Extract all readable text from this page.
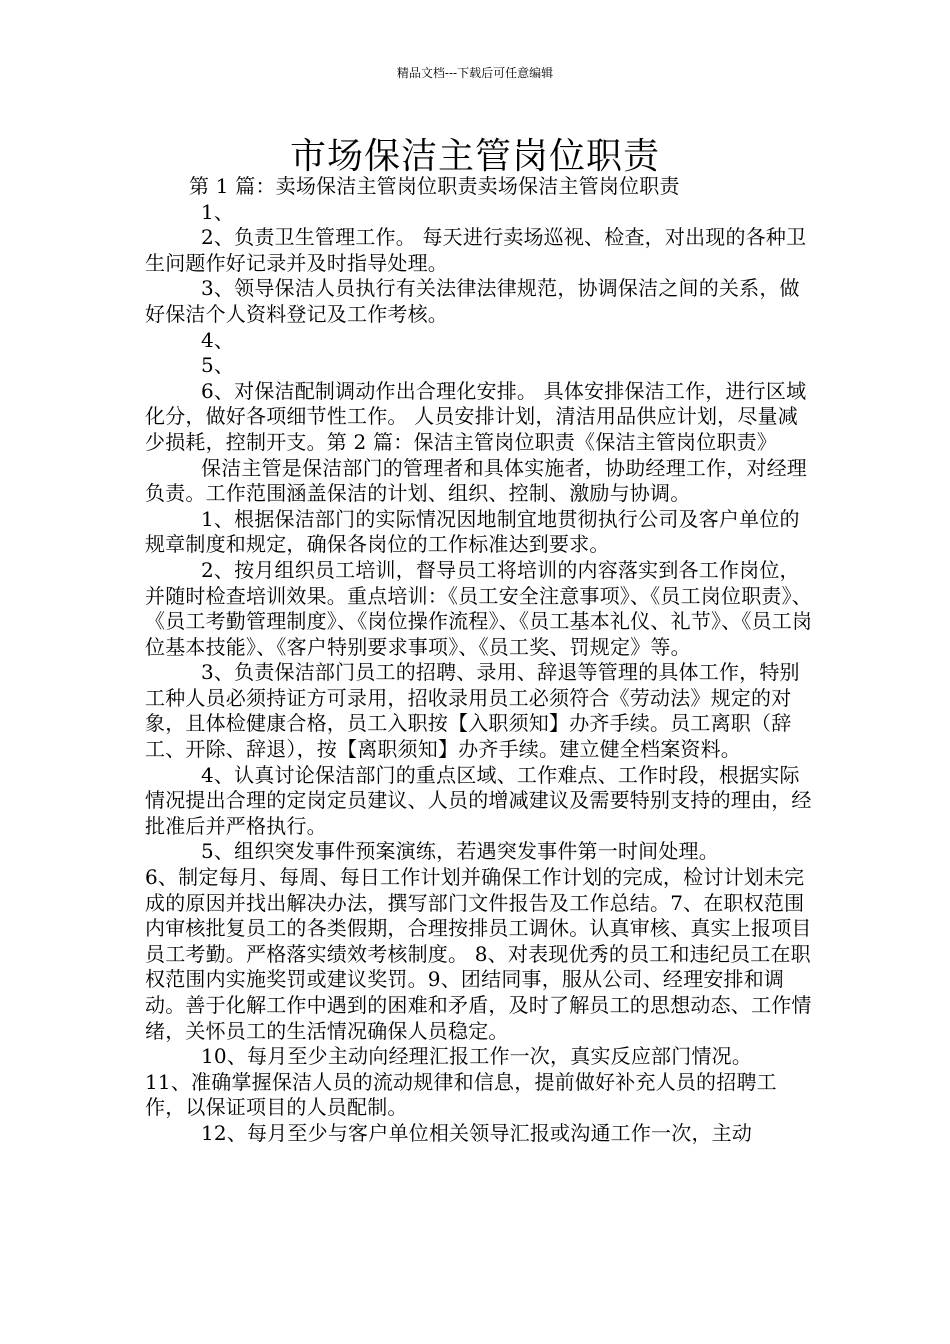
精品文档---下载后可任意编辑
市场保洁主管岗位职责

第 1 篇：卖场保洁主管岗位职责卖场保洁主管岗位职责

1、

2、负责卫生管理工作。 每天进行卖场巡视、检查，对出现的各种卫生问题作好记录并及时指导处理。

3、领导保洁人员执行有关法律法律规范，协调保洁之间的关系，做好保洁个人资料登记及工作考核。

4、

5、

6、对保洁配制调动作出合理化安排。 具体安排保洁工作，进行区域化分，做好各项细节性工作。 人员安排计划，清洁用品供应计划，尽量减少损耗，控制开支。第 2 篇：保洁主管岗位职责《保洁主管岗位职责》

保洁主管是保洁部门的管理者和具体实施者，协助经理工作，对经理负责。工作范围涵盖保洁的计划、组织、控制、激励与协调。

1、根据保洁部门的实际情况因地制宜地贯彻执行公司及客户单位的规章制度和规定，确保各岗位的工作标准达到要求。

2、按月组织员工培训，督导员工将培训的内容落实到各工作岗位，并随时检查培训效果。重点培训：《员工安全注意事项》、《员工岗位职责》、《员工考勤管理制度》、《岗位操作流程》、《员工基本礼仪、礼节》、《员工岗位基本技能》、《客户特别要求事项》、《员工奖、罚规定》等。

3、负责保洁部门员工的招聘、录用、辞退等管理的具体工作，特别工种人员必须持证方可录用，招收录用员工必须符合《劳动法》规定的对象，且体检健康合格，员工入职按【入职须知】办齐手续。员工离职（辞工、开除、辞退），按【离职须知】办齐手续。建立健全档案资料。

4、认真讨论保洁部门的重点区域、工作难点、工作时段，根据实际情况提出合理的定岗定员建议、人员的增减建议及需要特别支持的理由，经批准后并严格执行。

5、组织突发事件预案演练，若遇突发事件第一时间处理。

6、制定每月、每周、每日工作计划并确保工作计划的完成，检讨计划未完成的原因并找出解决办法，撰写部门文件报告及工作总结。7、在职权范围内审核批复员工的各类假期，合理按排员工调休。认真审核、真实上报项目员工考勤。严格落实绩效考核制度。 8、对表现优秀的员工和违纪员工在职权范围内实施奖罚或建议奖罚。9、团结同事，服从公司、经理安排和调动。善于化解工作中遇到的困难和矛盾，及时了解员工的思想动态、工作情绪，关怀员工的生活情况确保人员稳定。

10、每月至少主动向经理汇报工作一次，真实反应部门情况。

11、准确掌握保洁人员的流动规律和信息，提前做好补充人员的招聘工作，以保证项目的人员配制。

12、每月至少与客户单位相关领导汇报或沟通工作一次，主动
